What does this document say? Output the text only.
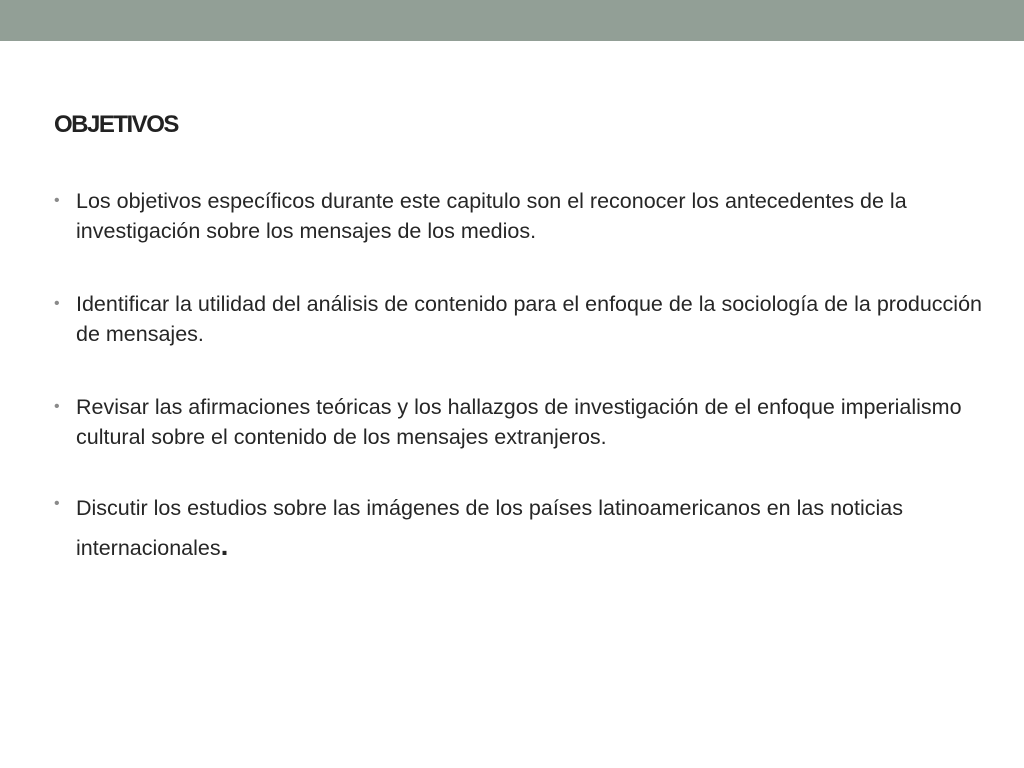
OBJETIVOS
• Los objetivos específicos durante este capitulo son el reconocer los antecedentes de la investigación sobre los mensajes de los medios.
• Identificar la utilidad del análisis de contenido para el enfoque de la sociología de la producción de mensajes.
• Revisar las afirmaciones teóricas y los hallazgos de investigación de el enfoque imperialismo cultural sobre el contenido de los mensajes extranjeros.
• Discutir los estudios sobre las imágenes de los países latinoamericanos en las noticias internacionales.
